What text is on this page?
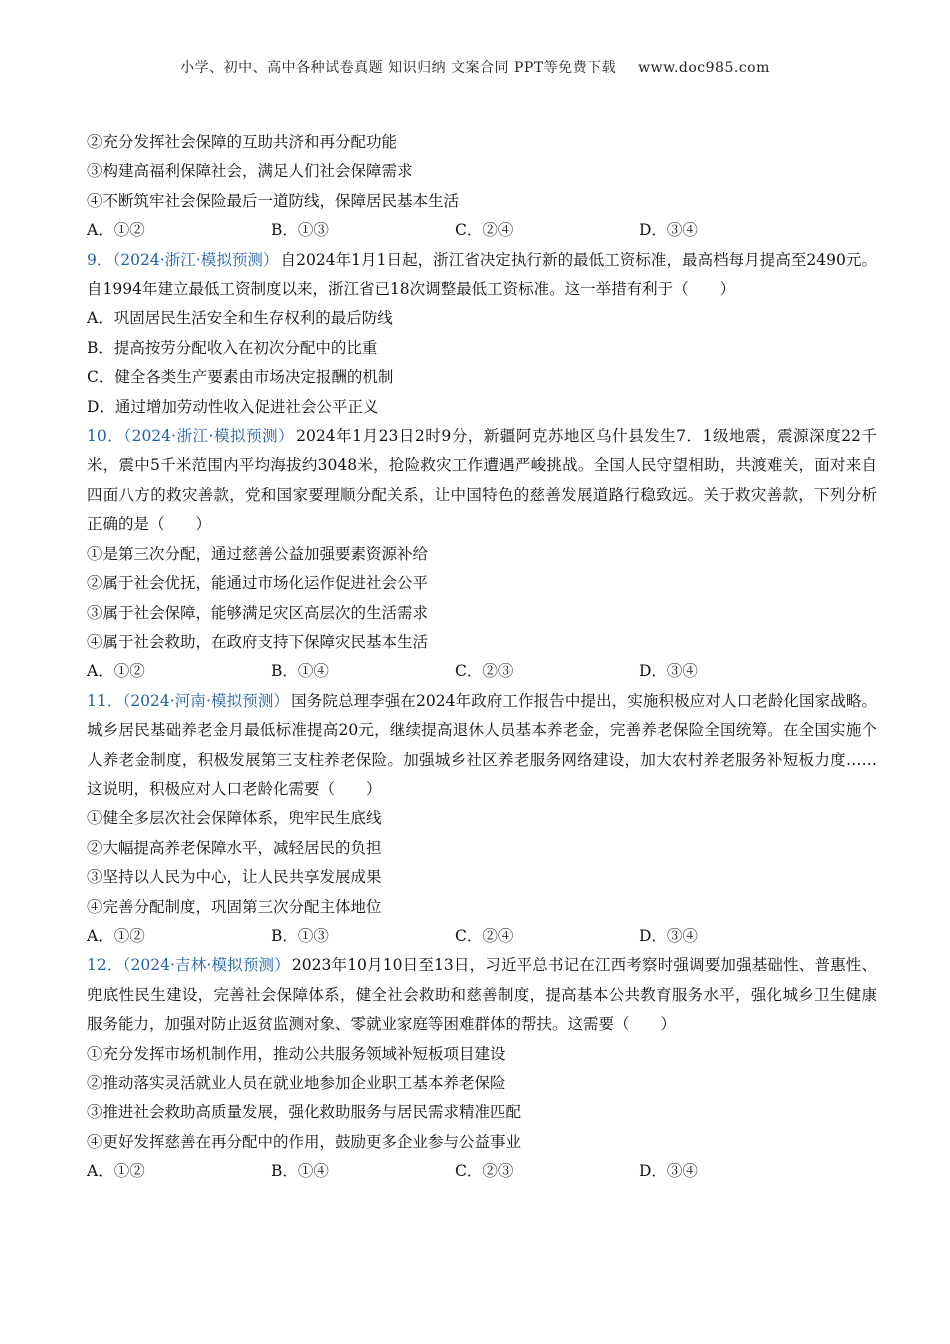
小学、初中、高中各种试卷真题 知识归纳 文案合同 PPT等免费下载 www.doc985.com
②充分发挥社会保障的互助共济和再分配功能
③构建高福利保障社会，满足人们社会保障需求
④不断筑牢社会保险最后一道防线，保障居民基本生活
A．①②	B．①③	C．②④	D．③④
9．（2024·浙江·模拟预测） 自2024年1月1日起，浙江省决定执行新的最低工资标准，最高档每月提高至2490元。自1994年建立最低工资制度以来，浙江省已18次调整最低工资标准。这一举措有利于（　　）
A．巩固居民生活安全和生存权利的最后防线
B．提高按劳分配收入在初次分配中的比重
C．健全各类生产要素由市场决定报酬的机制
D．通过增加劳动性收入促进社会公平正义
10．（2024·浙江·模拟预测） 2024年1月23日2时9分，新疆阿克苏地区乌什县发生7．1级地震，震源深度22千米，震中5千米范围内平均海拔约3048米，抢险救灾工作遭遇严峻挑战。全国人民守望相助，共渡难关，面对来自四面八方的救灾善款，党和国家要理顺分配关系，让中国特色的慈善发展道路行稳致远。关于救灾善款，下列分析正确的是（　　）
①是第三次分配，通过慈善公益加强要素资源补给
②属于社会优抚，能通过市场化运作促进社会公平
③属于社会保障，能够满足灾区高层次的生活需求
④属于社会救助，在政府支持下保障灾民基本生活
A．①②	B．①④	C．②③	D．③④
11．（2024·河南·模拟预测） 国务院总理李强在2024年政府工作报告中提出，实施积极应对人口老龄化国家战略。城乡居民基础养老金月最低标准提高20元，继续提高退休人员基本养老金，完善养老保险全国统筹。在全国实施个人养老金制度，积极发展第三支柱养老保险。加强城乡社区养老服务网络建设，加大农村养老服务补短板力度……这说明，积极应对人口老龄化需要（　　）
①健全多层次社会保障体系，兜牢民生底线
②大幅提高养老保障水平，减轻居民的负担
③坚持以人民为中心，让人民共享发展成果
④完善分配制度，巩固第三次分配主体地位
A．①②	B．①③	C．②④	D．③④
12．（2024·吉林·模拟预测） 2023年10月10日至13日，习近平总书记在江西考察时强调要加强基础性、普惠性、兜底性民生建设，完善社会保障体系，健全社会救助和慈善制度，提高基本公共教育服务水平，强化城乡卫生健康服务能力，加强对防止返贫监测对象、零就业家庭等困难群体的帮扶。这需要（　　）
①充分发挥市场机制作用，推动公共服务领域补短板项目建设
②推动落实灵活就业人员在就业地参加企业职工基本养老保险
③推进社会救助高质量发展，强化救助服务与居民需求精准匹配
④更好发挥慈善在再分配中的作用，鼓励更多企业参与公益事业
A．①②	B．①④	C．②③	D．③④
